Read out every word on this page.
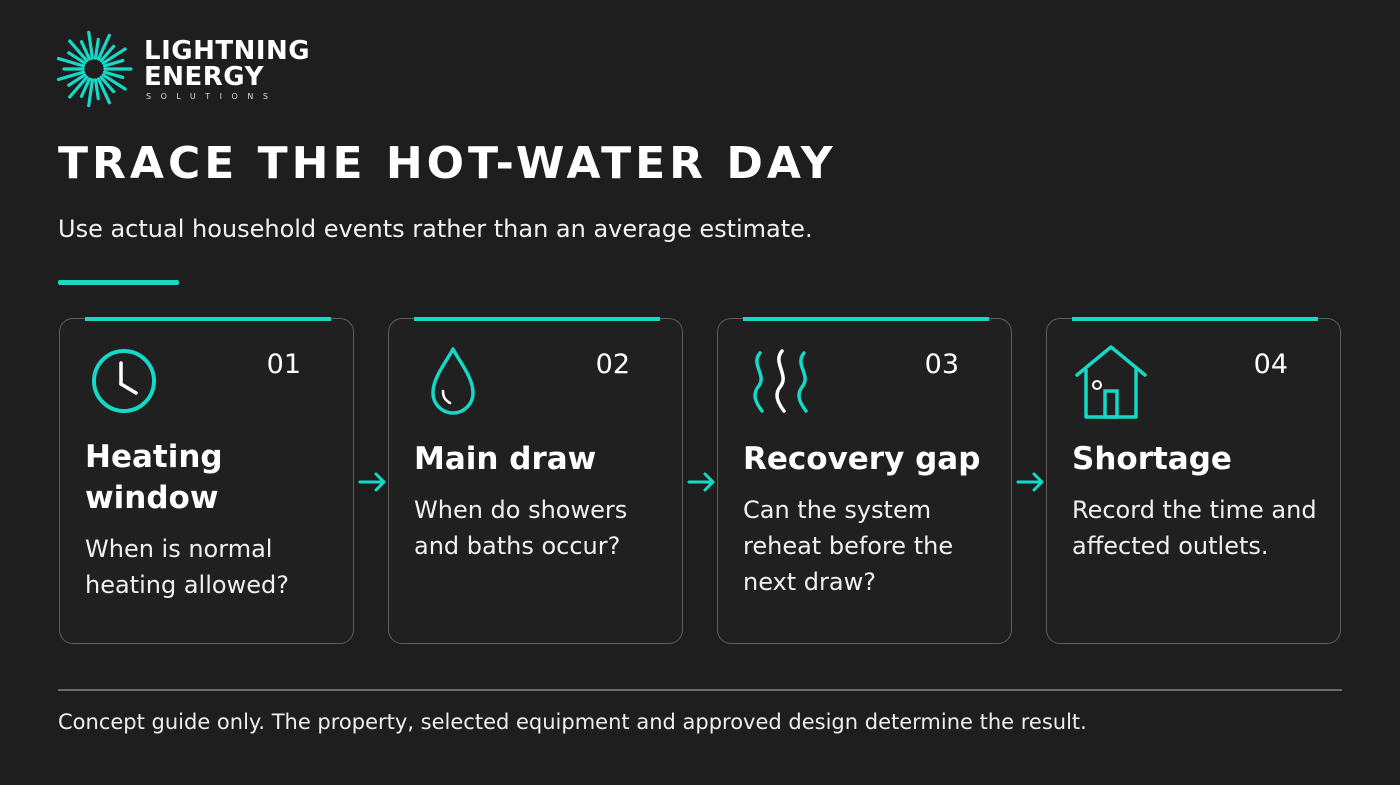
LIGHTNING
ENERGY
SOLUTIONS
TRACE THE HOT-WATER DAY

Use actual household events rather than an average estimate.

01
Heating window

When is normal heating allowed?

02
Main draw

When do showers and baths occur?

03
Recovery gap

Can the system reheat before the next draw?

04
Shortage

Record the time and affected outlets.

Concept guide only. The property, selected equipment and approved design determine the result.
